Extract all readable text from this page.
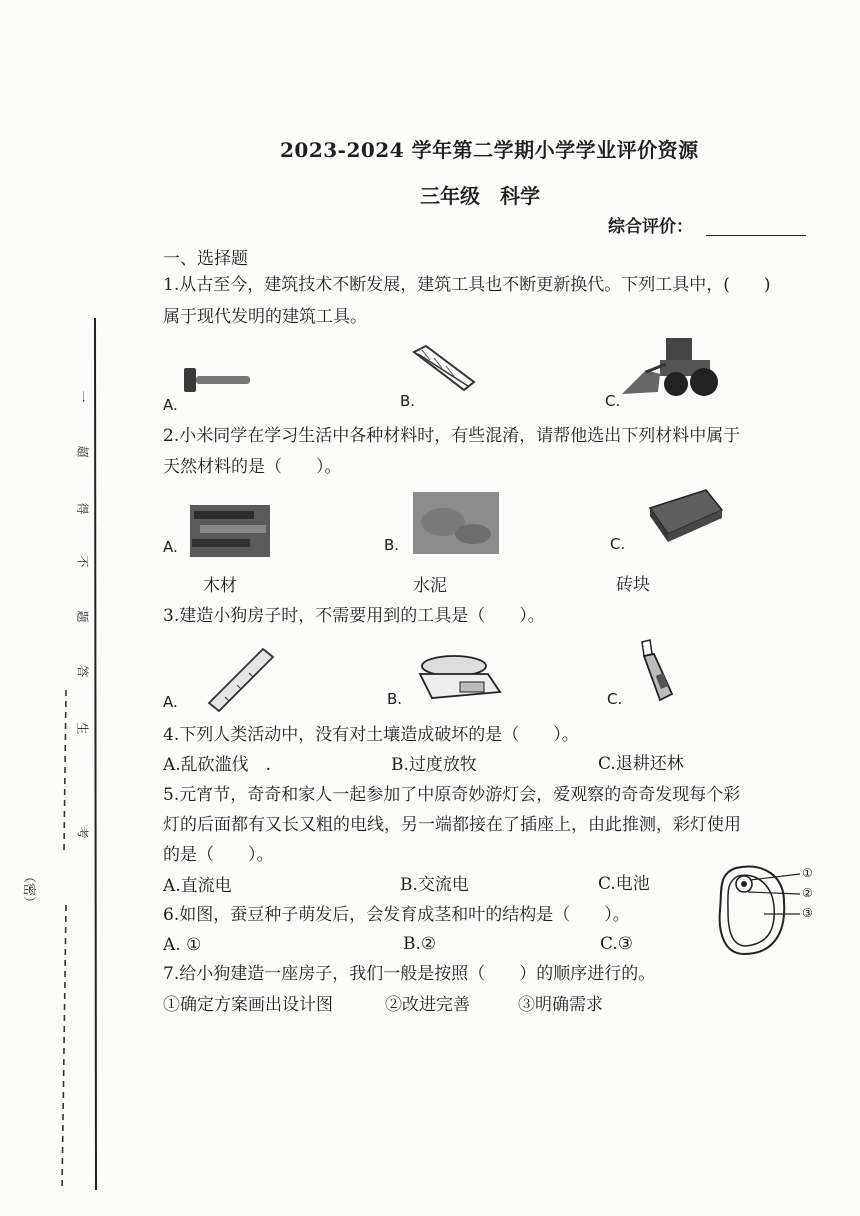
一
超
得
不
题
答
生
考
（密）
2023-2024 学年第二学期小学学业评价资源
三年级　科学
综合评价：
一、选择题
1.从古至今，建筑技术不断发展，建筑工具也不断更新换代。下列工具中，(　　)
属于现代发明的建筑工具。
A.	B.	C.
2.小米同学在学习生活中各种材料时，有些混淆，请帮他选出下列材料中属于
天然材料的是（　　）。
A.	B.	C.
木材	水泥	砖块
3.建造小狗房子时，不需要用到的工具是（　　）。
A.	B.	C.
4.下列人类活动中，没有对土壤造成破坏的是（　　）。
A.乱砍滥伐　.	B.过度放牧	C.退耕还林
5.元宵节，奇奇和家人一起参加了中原奇妙游灯会，爱观察的奇奇发现每个彩
灯的后面都有又长又粗的电线，另一端都接在了插座上，由此推测，彩灯使用
的是（　　）。
A.直流电	B.交流电	C.电池
6.如图，蚕豆种子萌发后，会发育成茎和叶的结构是（　　）。
A. ①	B.②	C.③
①
②
③
7.给小狗建造一座房子，我们一般是按照（　　）的顺序进行的。
①确定方案画出设计图	②改进完善	③明确需求
